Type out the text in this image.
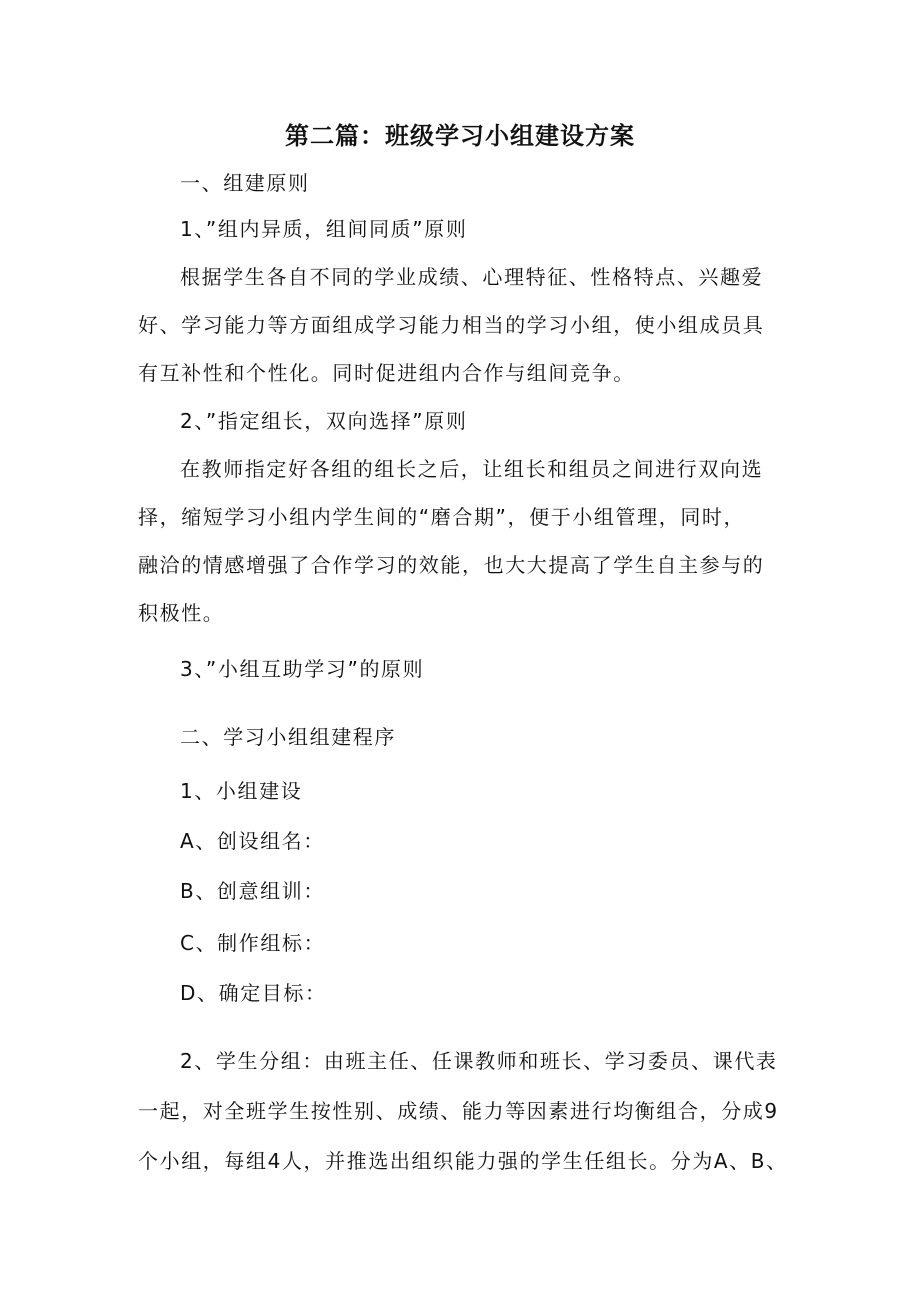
第二篇：班级学习小组建设方案
一、组建原则
1、”组内异质，组间同质”原则
根据学生各自不同的学业成绩、心理特征、性格特点、兴趣爱
好、学习能力等方面组成学习能力相当的学习小组，使小组成员具
有互补性和个性化。同时促进组内合作与组间竞争。
2、”指定组长，双向选择”原则
在教师指定好各组的组长之后，让组长和组员之间进行双向选
择，缩短学习小组内学生间的“磨合期”，便于小组管理，同时，
融洽的情感增强了合作学习的效能，也大大提高了学生自主参与的
积极性。
3、”小组互助学习”的原则
二、学习小组组建程序
1、小组建设
A、创设组名：
B、创意组训：
C、制作组标：
D、确定目标：
2、学生分组：由班主任、任课教师和班长、学习委员、课代表
一起，对全班学生按性别、成绩、能力等因素进行均衡组合，分成9
个小组，每组4人，并推选出组织能力强的学生任组长。分为A、B、
